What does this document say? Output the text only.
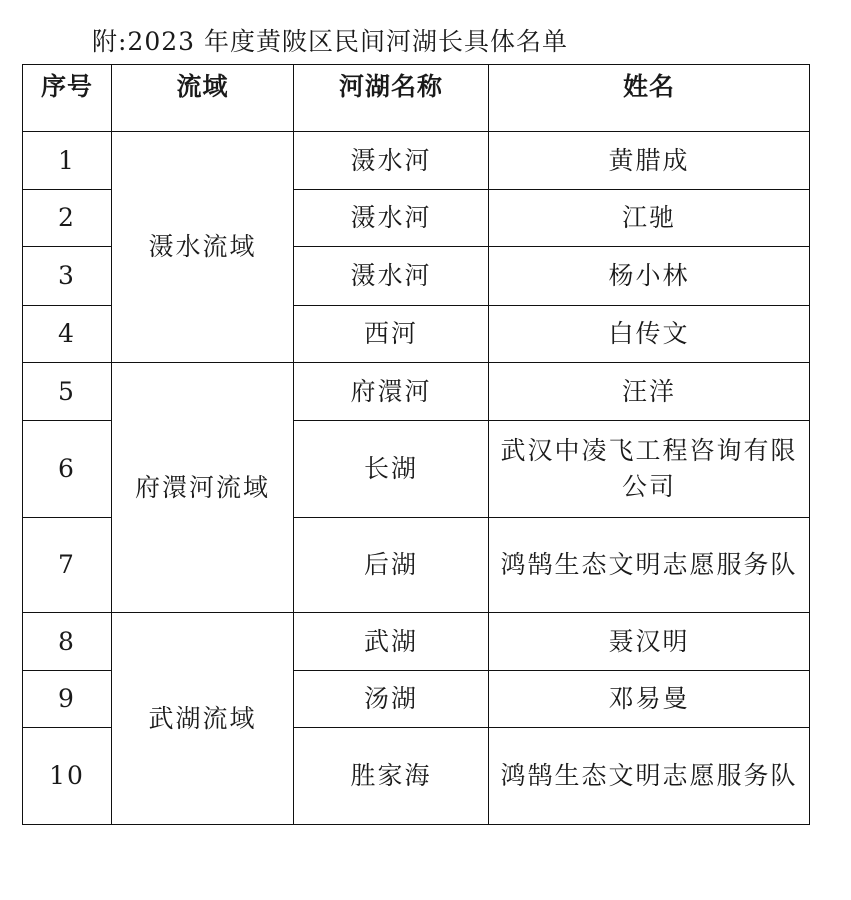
附:2023 年度黄陂区民间河湖长具体名单
序号	流域	河湖名称	姓名
1	滠水流域	滠水河	黄腊成
2		滠水河	江驰
3		滠水河	杨小林
4		西河	白传文
5	府澴河流域	府澴河	汪洋
6		长湖	武汉中凌飞工程咨询有限公司
7		后湖	鸿鹄生态文明志愿服务队
8	武湖流域	武湖	聂汉明
9		汤湖	邓易曼
10		胜家海	鸿鹄生态文明志愿服务队
